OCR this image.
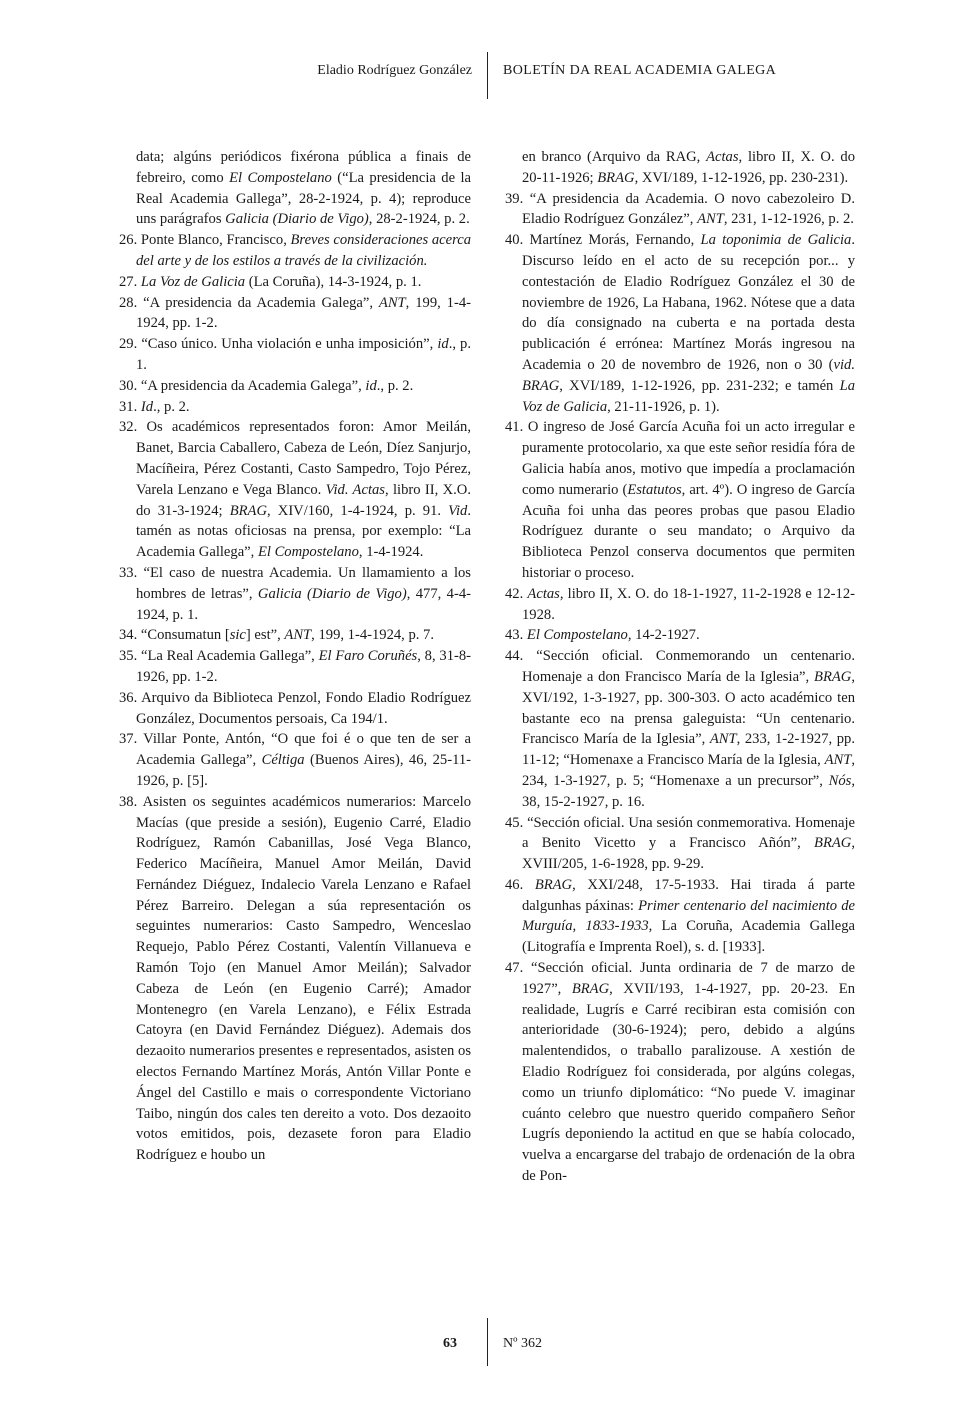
Eladio Rodríguez González BOLETÍN DA REAL ACADEMIA GALEGA
data; algúns periódicos fixérona pública a finais de febreiro, como El Compostelano (“La presidencia de la Real Academia Gallega”, 28-2-1924, p. 4); reproduce uns parágrafos Galicia (Diario de Vigo), 28-2-1924, p. 2.
26. Ponte Blanco, Francisco, Breves consideraciones acerca del arte y de los estilos a través de la civilización.
27. La Voz de Galicia (La Coruña), 14-3-1924, p. 1.
28. “A presidencia da Academia Galega”, ANT, 199, 1-4-1924, pp. 1-2.
29. “Caso único. Unha violación e unha imposición”, id., p. 1.
30. “A presidencia da Academia Galega”, id., p. 2.
31. Id., p. 2.
32. Os académicos representados foron: Amor Meilán, Banet, Barcia Caballero, Cabeza de León, Díez Sanjurjo, Macíñeira, Pérez Costanti, Casto Sampedro, Tojo Pérez, Varela Lenzano e Vega Blanco. Vid. Actas, libro II, X.O. do 31-3-1924; BRAG, XIV/160, 1-4-1924, p. 91. Vid. tamén as notas oficiosas na prensa, por exemplo: “La Academia Gallega”, El Compostelano, 1-4-1924.
33. “El caso de nuestra Academia. Un llamamiento a los hombres de letras”, Galicia (Diario de Vigo), 477, 4-4-1924, p. 1.
34. “Consumatun [sic] est”, ANT, 199, 1-4-1924, p. 7.
35. “La Real Academia Gallega”, El Faro Coruñés, 8, 31-8-1926, pp. 1-2.
36. Arquivo da Biblioteca Penzol, Fondo Eladio Rodríguez González, Documentos persoais, Ca 194/1.
37. Villar Ponte, Antón, “O que foi é o que ten de ser a Academia Gallega”, Céltiga (Buenos Aires), 46, 25-11-1926, p. [5].
38. Asisten os seguintes académicos numerarios: Marcelo Macías (que preside a sesión), Eugenio Carré, Eladio Rodríguez, Ramón Cabanillas, José Vega Blanco, Federico Macíñeira, Manuel Amor Meilán, David Fernández Diéguez, Indalecio Varela Lenzano e Rafael Pérez Barreiro. Delegan a súa representación os seguintes numerarios: Casto Sampedro, Wenceslao Requejo, Pablo Pérez Costanti, Valentín Villanueva e Ramón Tojo (en Manuel Amor Meilán); Salvador Cabeza de León (en Eugenio Carré); Amador Montenegro (en Varela Lenzano), e Félix Estrada Catoyra (en David Fernández Diéguez). Ademais dos dezaoito numerarios presentes e representados, asisten os electos Fernando Martínez Morás, Antón Villar Ponte e Ángel del Castillo e mais o correspondente Victoriano Taibo, ningún dos cales ten dereito a voto. Dos dezaoito votos emitidos, pois, dezasete foron para Eladio Rodríguez e houbo un
en branco (Arquivo da RAG, Actas, libro II, X. O. do 20-11-1926; BRAG, XVI/189, 1-12-1926, pp. 230-231).
39. “A presidencia da Academia. O novo cabezoleiro D. Eladio Rodríguez González”, ANT, 231, 1-12-1926, p. 2.
40. Martínez Morás, Fernando, La toponimia de Galicia. Discurso leído en el acto de su recepción por... y contestación de Eladio Rodríguez González el 30 de noviembre de 1926, La Habana, 1962. Nótese que a data do día consignado na cuberta e na portada desta publicación é errónea: Martínez Morás ingresou na Academia o 20 de novembro de 1926, non o 30 (vid. BRAG, XVI/189, 1-12-1926, pp. 231-232; e tamén La Voz de Galicia, 21-11-1926, p. 1).
41. O ingreso de José García Acuña foi un acto irregular e puramente protocolario, xa que este señor residía fóra de Galicia había anos, motivo que impedía a proclamación como numerario (Estatutos, art. 4º). O ingreso de García Acuña foi unha das peores probas que pasou Eladio Rodríguez durante o seu mandato; o Arquivo da Biblioteca Penzol conserva documentos que permiten historiar o proceso.
42. Actas, libro II, X. O. do 18-1-1927, 11-2-1928 e 12-12-1928.
43. El Compostelano, 14-2-1927.
44. “Sección oficial. Conmemorando un centenario. Homenaje a don Francisco María de la Iglesia”, BRAG, XVI/192, 1-3-1927, pp. 300-303. O acto académico ten bastante eco na prensa galeguista: “Un centenario. Francisco María de la Iglesia”, ANT, 233, 1-2-1927, pp. 11-12; “Homenaxe a Francisco María de la Iglesia, ANT, 234, 1-3-1927, p. 5; “Homenaxe a un precursor”, Nós, 38, 15-2-1927, p. 16.
45. “Sección oficial. Una sesión conmemorativa. Homenaje a Benito Vicetto y a Francisco Añón”, BRAG, XVIII/205, 1-6-1928, pp. 9-29.
46. BRAG, XXI/248, 17-5-1933. Hai tirada á parte dalgunhas páxinas: Primer centenario del nacimiento de Murguía, 1833-1933, La Coruña, Academia Gallega (Litografía e Imprenta Roel), s. d. [1933].
47. “Sección oficial. Junta ordinaria de 7 de marzo de 1927”, BRAG, XVII/193, 1-4-1927, pp. 20-23. En realidade, Lugrís e Carré recibiran esta comisión con anterioridade (30-6-1924); pero, debido a algúns malentendidos, o traballo paralizouse. A xestión de Eladio Rodríguez foi considerada, por algúns colegas, como un triunfo diplomático: “No puede V. imaginar cuánto celebro que nuestro querido compañero Señor Lugrís deponiendo la actitud en que se había colocado, vuelva a encargarse del trabajo de ordenación de la obra de Pon-
63	Nº 362
